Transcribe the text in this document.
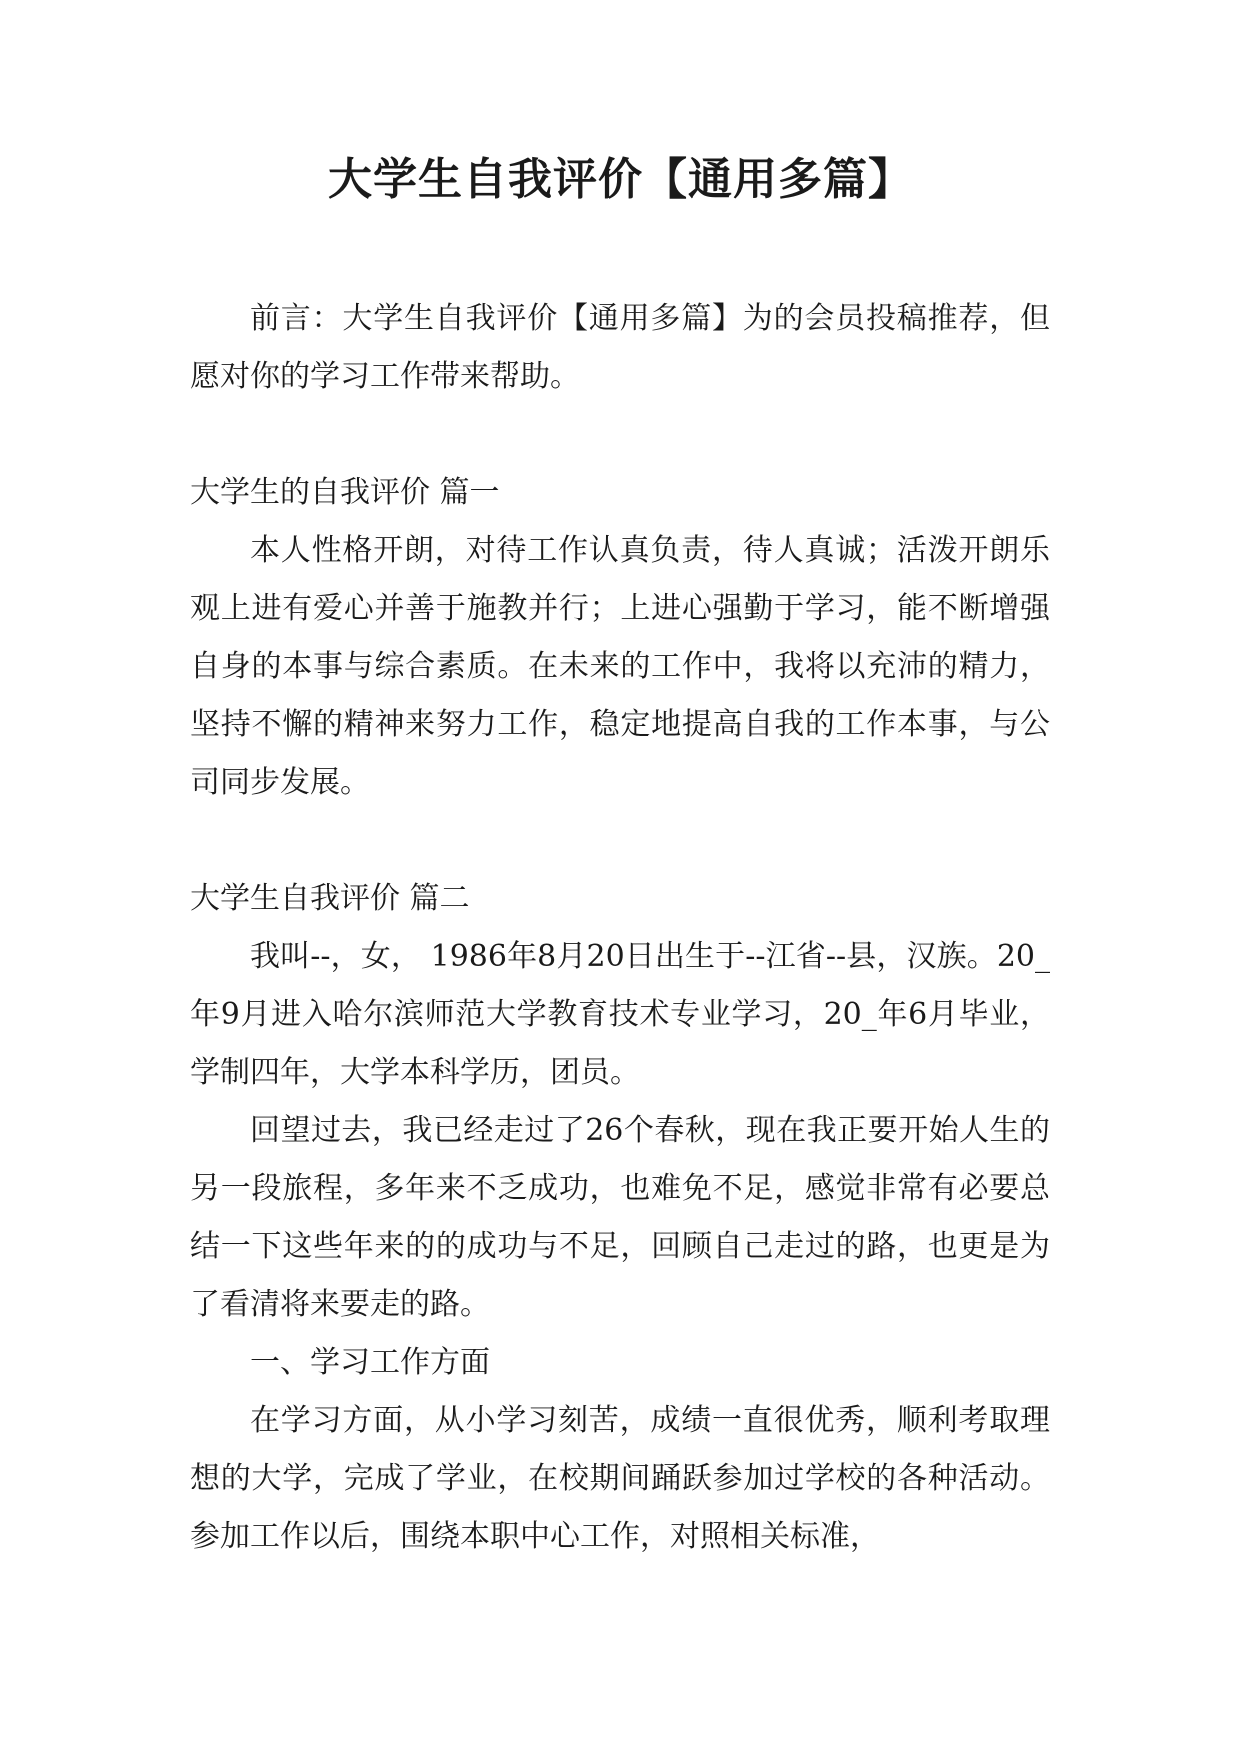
大学生自我评价【通用多篇】

前言：大学生自我评价【通用多篇】为的会员投稿推荐，但愿对你的学习工作带来帮助。

大学生的自我评价 篇一

本人性格开朗，对待工作认真负责，待人真诚；活泼开朗乐观上进有爱心并善于施教并行；上进心强勤于学习，能不断增强自身的本事与综合素质。在未来的工作中，我将以充沛的精力，坚持不懈的精神来努力工作，稳定地提高自我的工作本事，与公司同步发展。

大学生自我评价 篇二

我叫--，女， 1986年8月20日出生于--江省--县，汉族。20_年9月进入哈尔滨师范大学教育技术专业学习，20_年6月毕业，学制四年，大学本科学历，团员。

回望过去，我已经走过了26个春秋，现在我正要开始人生的另一段旅程，多年来不乏成功，也难免不足，感觉非常有必要总结一下这些年来的的成功与不足，回顾自己走过的路，也更是为了看清将来要走的路。

一、学习工作方面

在学习方面，从小学习刻苦，成绩一直很优秀，顺利考取理想的大学，完成了学业，在校期间踊跃参加过学校的各种活动。参加工作以后，围绕本职中心工作，对照相关标准，
